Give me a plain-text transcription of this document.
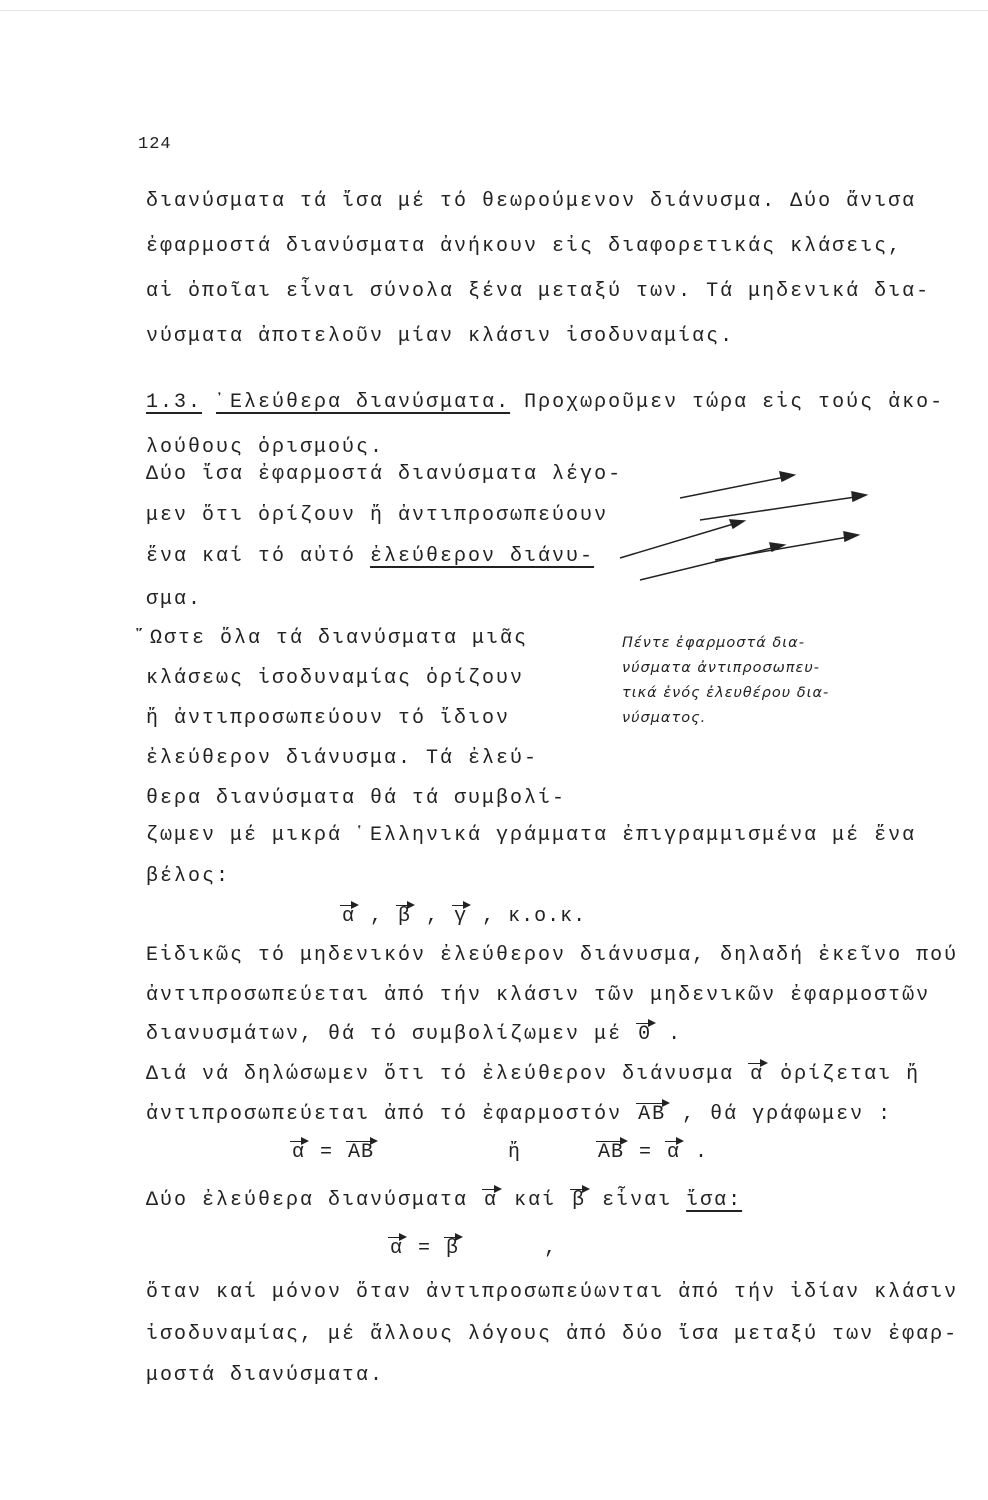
124
διανύσματα τά ἴσα μέ τό θεωρούμενον διάνυσμα. Δύο ἄνισα
ἐφαρμοστά διανύσματα ἀνήκουν εἰς διαφορετικάς κλάσεις,
αἱ ὁποῖαι εἶναι σύνολα ξένα μεταξύ των. Τά μηδενικά δια-
νύσματα ἀποτελοῦν μίαν κλάσιν ἰσοδυναμίας.
1.3. ᾿Ελεύθερα διανύσματα. Προχωροῦμεν τώρα εἰς τούς ἀκο-
λούθους ὁρισμούς.
Δύο ἴσα ἐφαρμοστά διανύσματα λέγο-
μεν ὅτι ὁρίζουν ἤ ἀντιπροσωπεύουν
ἕνα καί τό αὐτό ἐλεύθερον διάνυ-
σμα.
῞Ωστε ὅλα τά διανύσματα μιᾶς
κλάσεως ἰσοδυναμίας ὁρίζουν
ἤ ἀντιπροσωπεύουν τό ἴδιον
ἐλεύθερον διάνυσμα. Τά ἐλεύ-
θερα διανύσματα θά τά συμβολί-
Πέντε ἐφαρμοστά δια-
νύσματα ἀντιπροσωπευ-
τικά ἑνός ἐλευθέρου δια-
νύσματος.
ζωμεν μέ μικρά ῾Ελληνικά γράμματα ἐπιγραμμισμένα μέ ἕνα
βέλος:
α , β , γ , κ.ο.κ.
Εἰδικῶς τό μηδενικόν ἐλεύθερον διάνυσμα, δηλαδή ἐκεῖνο πού
ἀντιπροσωπεύεται ἀπό τήν κλάσιν τῶν μηδενικῶν ἐφαρμοστῶν
διανυσμάτων, θά τό συμβολίζωμεν μέ 0 .
Διά νά δηλώσωμεν ὅτι τό ἐλεύθερον διάνυσμα α ὁρίζεται ἤ
ἀντιπροσωπεύεται ἀπό τό ἐφαρμοστόν ΑΒ , θά γράφωμεν :
α = ΑΒ	ἤ	ΑΒ = α .
Δύο ἐλεύθερα διανύσματα α καί β εἶναι ἴσα:
α = β	,
ὅταν καί μόνον ὅταν ἀντιπροσωπεύωνται ἀπό τήν ἰδίαν κλάσιν
ἰσοδυναμίας, μέ ἄλλους λόγους ἀπό δύο ἴσα μεταξύ των ἐφαρ-
μοστά διανύσματα.
